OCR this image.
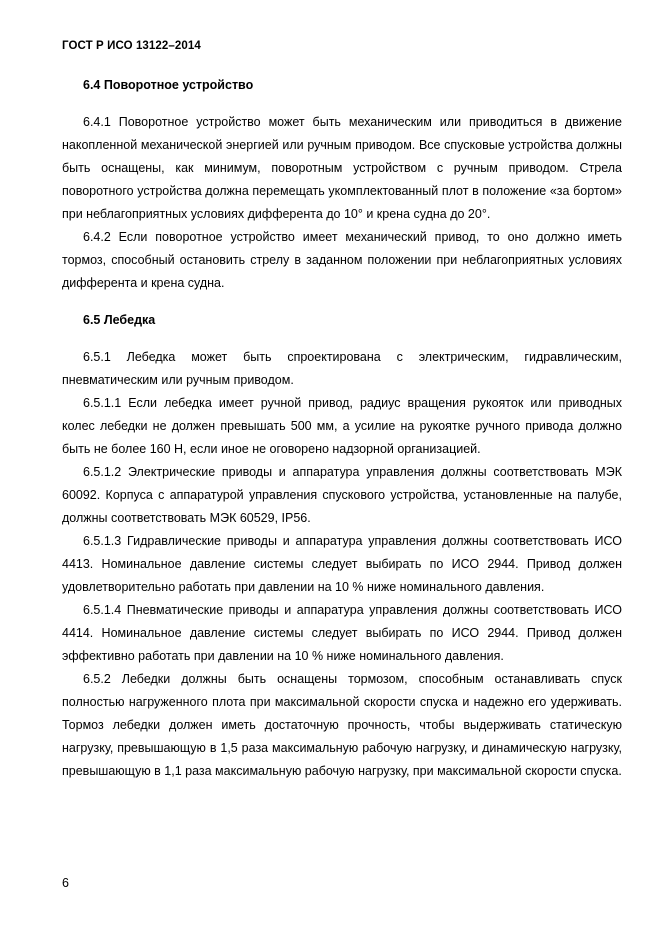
ГОСТ Р ИСО 13122–2014
6.4 Поворотное устройство

6.4.1 Поворотное устройство может быть механическим или приводиться в движение накопленной механической энергией или ручным приводом. Все спусковые устройства должны быть оснащены, как минимум, поворотным устройством с ручным приводом. Стрела поворотного устройства должна перемещать укомплектованный плот в положение «за бортом» при неблагоприятных условиях дифферента до 10° и крена судна до 20°.

6.4.2 Если поворотное устройство имеет механический привод, то оно должно иметь тормоз, способный остановить стрелу в заданном положении при неблагоприятных условиях дифферента и крена судна.

6.5 Лебедка

6.5.1 Лебедка может быть спроектирована с электрическим, гидравлическим, пневматическим или ручным приводом.

6.5.1.1 Если лебедка имеет ручной привод, радиус вращения рукояток или приводных колес лебедки не должен превышать 500 мм, а усилие на рукоятке ручного привода должно быть не более 160 Н, если иное не оговорено надзорной организацией.

6.5.1.2 Электрические приводы и аппаратура управления должны соответствовать МЭК 60092. Корпуса с аппаратурой управления спускового устройства, установленные на палубе, должны соответствовать МЭК 60529, IP56.

6.5.1.3 Гидравлические приводы и аппаратура управления должны соответствовать ИСО 4413. Номинальное давление системы следует выбирать по ИСО 2944. Привод должен удовлетворительно работать при давлении на 10 % ниже номинального давления.

6.5.1.4 Пневматические приводы и аппаратура управления должны соответствовать ИСО 4414. Номинальное давление системы следует выбирать по ИСО 2944. Привод должен эффективно работать при давлении на 10 % ниже номинального давления.

6.5.2 Лебедки должны быть оснащены тормозом, способным останавливать спуск полностью нагруженного плота при максимальной скорости спуска и надежно его удерживать. Тормоз лебедки должен иметь достаточную прочность, чтобы выдерживать статическую нагрузку, превышающую в 1,5 раза максимальную рабочую нагрузку, и динамическую нагрузку, превышающую в 1,1 раза максимальную рабочую нагрузку, при максимальной скорости спуска.

6
